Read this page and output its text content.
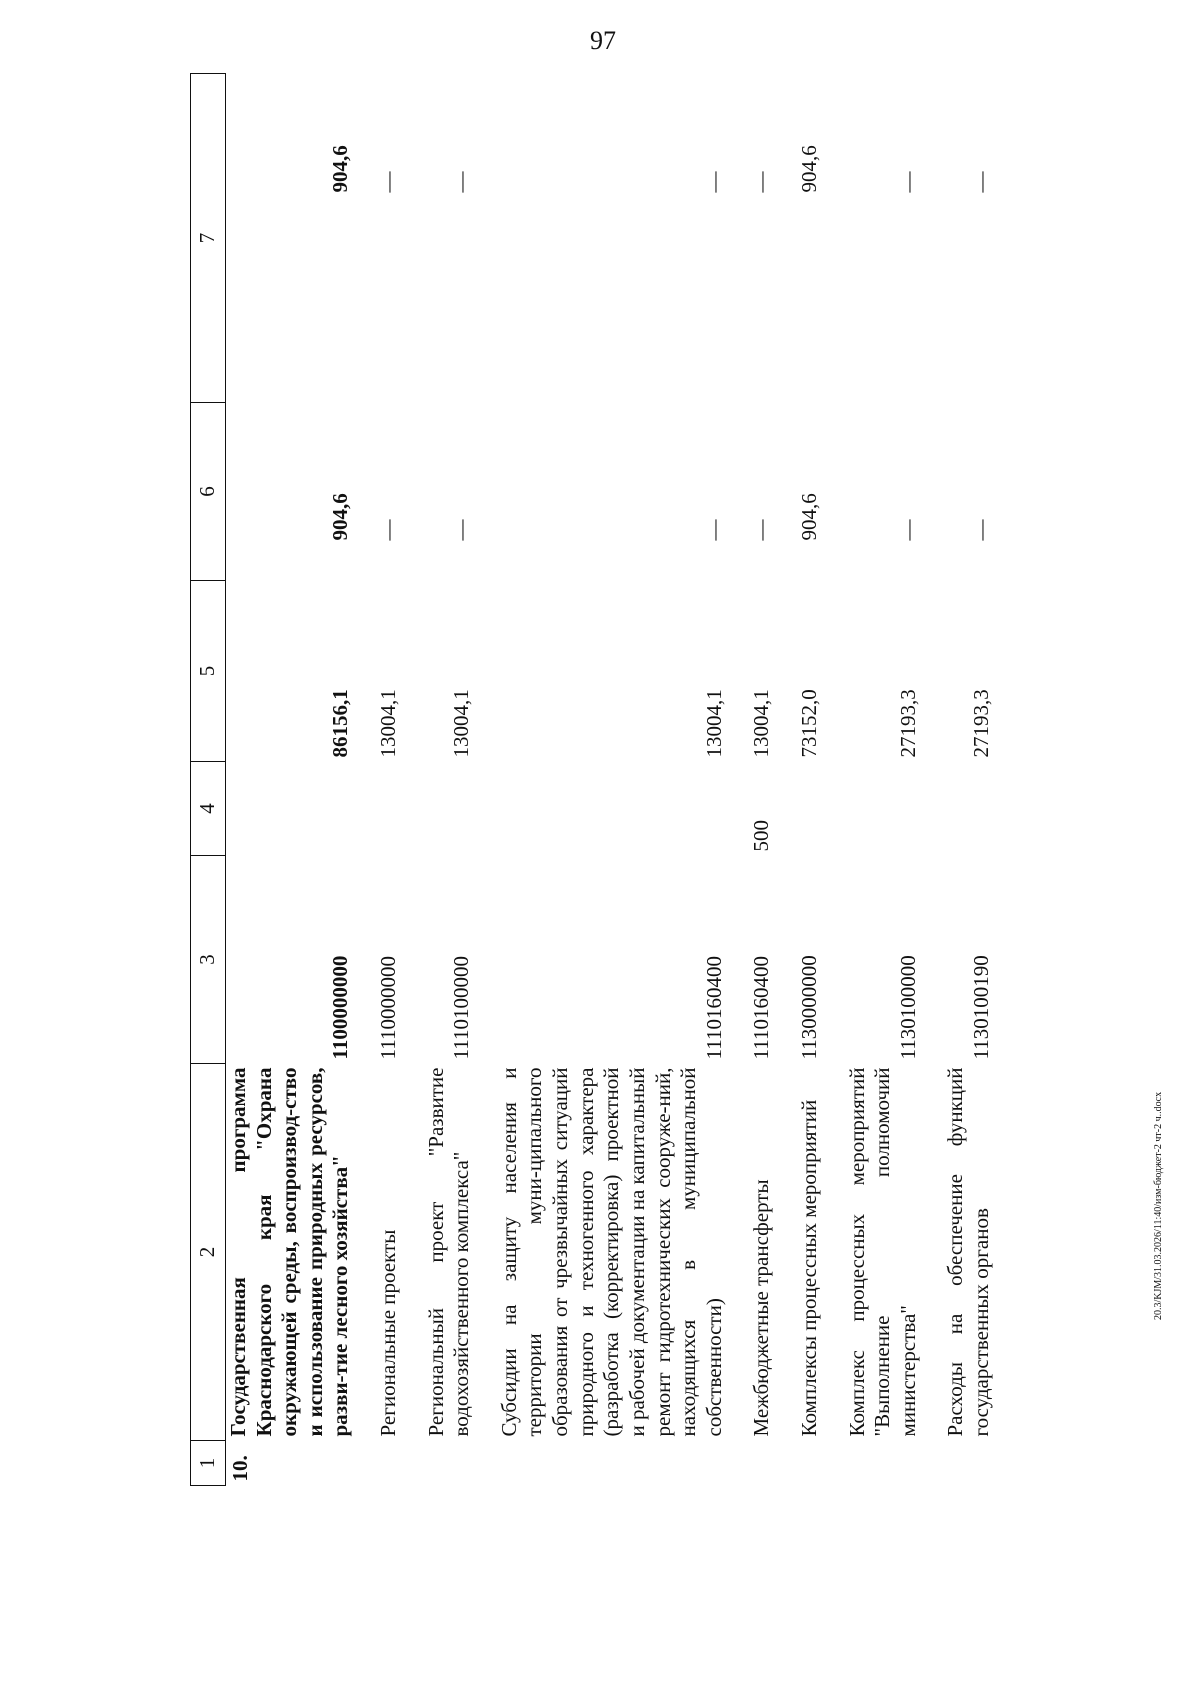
97
20.3/KJM/31.03.2026/11:40/изм-бюджет-2 чт-2 ч..docx
1	2	3	4	5	6	7
10.	Государственная программа Краснодарского края "Охрана окружающей среды, воспроизвод-ство и использование природных ресурсов, разви-тие лесного хозяйства"	1100000000		86156,1	904,6	904,6
	Региональные проекты	1110000000		13004,1	—	—
	Региональный проект "Развитие водохозяйственного комплекса"	1110100000		13004,1	—	—
	Субсидии на защиту населения и территории муни-ципального образования от чрезвычайных ситуаций природного и техногенного характера (разработка (корректировка) проектной и рабочей документации на капитальный ремонт гидротехнических сооруже-ний, находящихся в муниципальной собственности)	1110160400		13004,1	—	—
	Межбюджетные трансферты	1110160400	500	13004,1	—	—
	Комплексы процессных мероприятий	1130000000		73152,0	904,6	904,6
	Комплекс процессных мероприятий "Выполнение полномочий министерства"	1130100000		27193,3	—	—
	Расходы на обеспечение функций государственных органов	1130100190		27193,3	—	—
